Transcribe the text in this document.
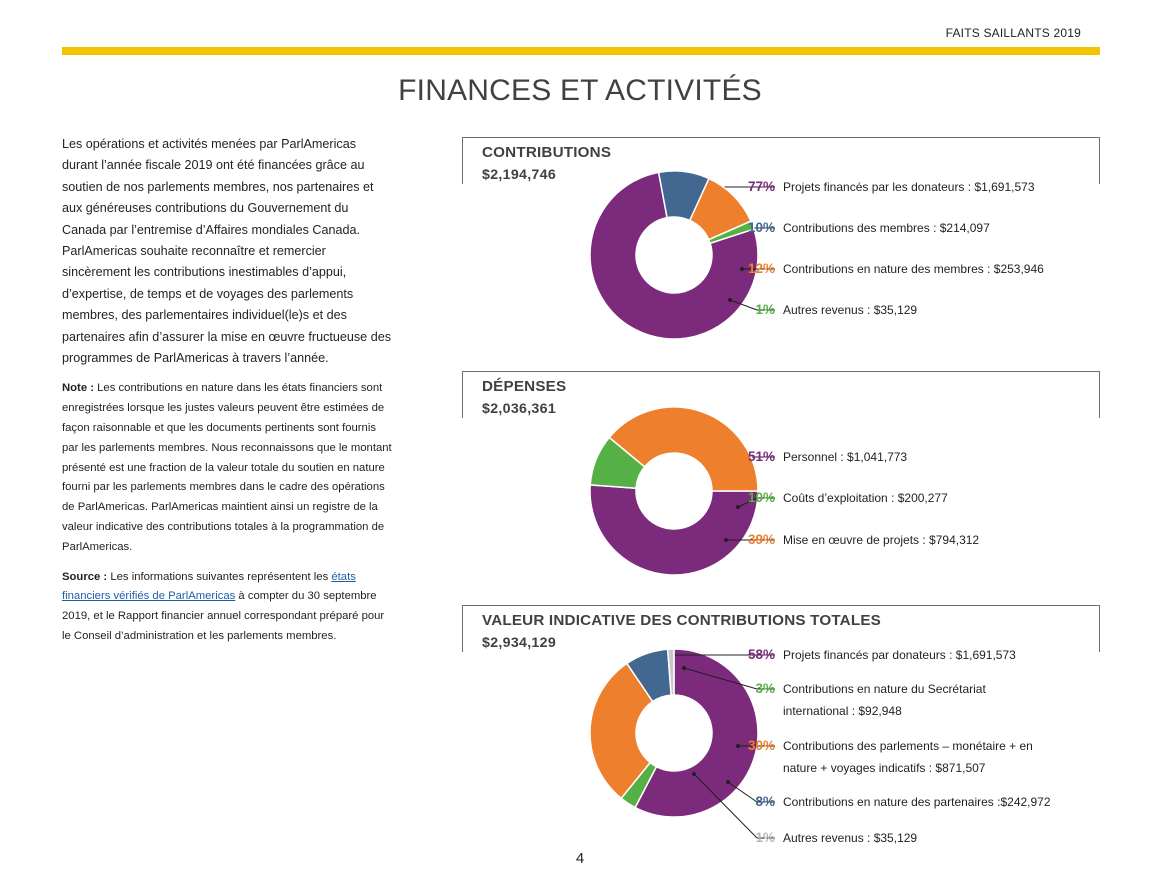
FAITS SAILLANTS 2019
FINANCES ET ACTIVITÉS

Les opérations et activités menées par ParlAmericas durant l’année fiscale 2019 ont été financées grâce au soutien de nos parlements membres, nos partenaires et aux généreuses contributions du Gouvernement du Canada par l’entremise d’Affaires mondiales Canada. ParlAmericas souhaite reconnaître et remercier sincèrement les contributions inestimables d’appui, d’expertise, de temps et de voyages des parlements membres, des parlementaires individuel(le)s et des partenaires afin d’assurer la mise en œuvre fructueuse des programmes de ParlAmericas à travers l’année.

Note : Les contributions en nature dans les états financiers sont enregistrées lorsque les justes valeurs peuvent être estimées de façon raisonnable et que les documents pertinents sont fournis par les parlements membres. Nous reconnaissons que le montant présenté est une fraction de la valeur totale du soutien en nature fourni par les parlements membres dans le cadre des opérations de ParlAmericas. ParlAmericas maintient ainsi un registre de la valeur indicative des contributions totales à la programmation de ParlAmericas.

Source : Les informations suivantes représentent les états financiers vérifiés de ParlAmericas à compter du 30 septembre 2019, et le Rapport financier annuel correspondant préparé pour le Conseil d’administration et les parlements membres.

CONTRIBUTIONS
$2,194,746
DÉPENSES
$2,036,361
VALEUR INDICATIVE DES CONTRIBUTIONS TOTALES
$2,934,129
77% Projets financés par les donateurs : $1,691,573
10% Contributions des membres : $214,097
12% Contributions en nature des membres : $253,946
1% Autres revenus : $35,129
51% Personnel : $1,041,773
10% Coûts d’exploitation : $200,277
39% Mise en œuvre de projets : $794,312
58% Projets financés par donateurs : $1,691,573
3% Contributions en nature du Secrétariat international : $92,948
30% Contributions des parlements – monétaire + en nature + voyages indicatifs : $871,507
8% Contributions en nature des partenaires :$242,972
1% Autres revenus : $35,129
4
